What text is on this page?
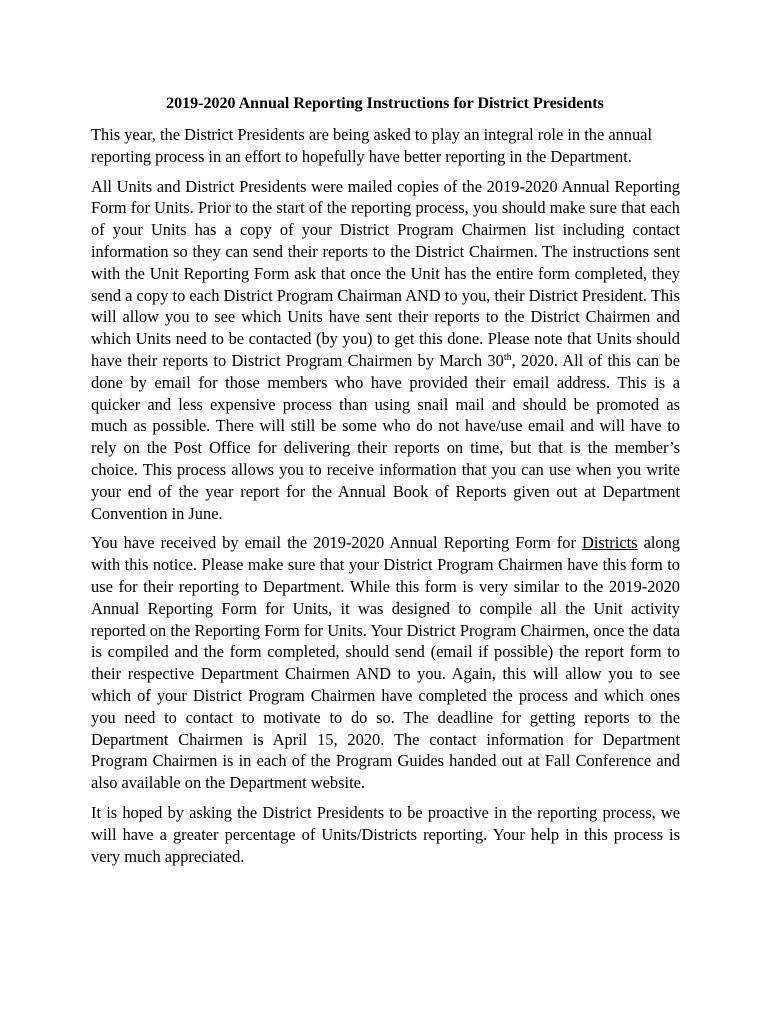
2019-2020 Annual Reporting Instructions for District Presidents

This year, the District Presidents are being asked to play an integral role in the annual reporting process in an effort to hopefully have better reporting in the Department.

All Units and District Presidents were mailed copies of the 2019-2020 Annual Reporting Form for Units. Prior to the start of the reporting process, you should make sure that each of your Units has a copy of your District Program Chairmen list including contact information so they can send their reports to the District Chairmen. The instructions sent with the Unit Reporting Form ask that once the Unit has the entire form completed, they send a copy to each District Program Chairman AND to you, their District President. This will allow you to see which Units have sent their reports to the District Chairmen and which Units need to be contacted (by you) to get this done. Please note that Units should have their reports to District Program Chairmen by March 30th, 2020. All of this can be done by email for those members who have provided their email address. This is a quicker and less expensive process than using snail mail and should be promoted as much as possible. There will still be some who do not have/use email and will have to rely on the Post Office for delivering their reports on time, but that is the member’s choice. This process allows you to receive information that you can use when you write your end of the year report for the Annual Book of Reports given out at Department Convention in June.

You have received by email the 2019-2020 Annual Reporting Form for Districts along with this notice. Please make sure that your District Program Chairmen have this form to use for their reporting to Department. While this form is very similar to the 2019-2020 Annual Reporting Form for Units, it was designed to compile all the Unit activity reported on the Reporting Form for Units. Your District Program Chairmen, once the data is compiled and the form completed, should send (email if possible) the report form to their respective Department Chairmen AND to you. Again, this will allow you to see which of your District Program Chairmen have completed the process and which ones you need to contact to motivate to do so. The deadline for getting reports to the Department Chairmen is April 15, 2020. The contact information for Department Program Chairmen is in each of the Program Guides handed out at Fall Conference and also available on the Department website.

It is hoped by asking the District Presidents to be proactive in the reporting process, we will have a greater percentage of Units/Districts reporting. Your help in this process is very much appreciated.
